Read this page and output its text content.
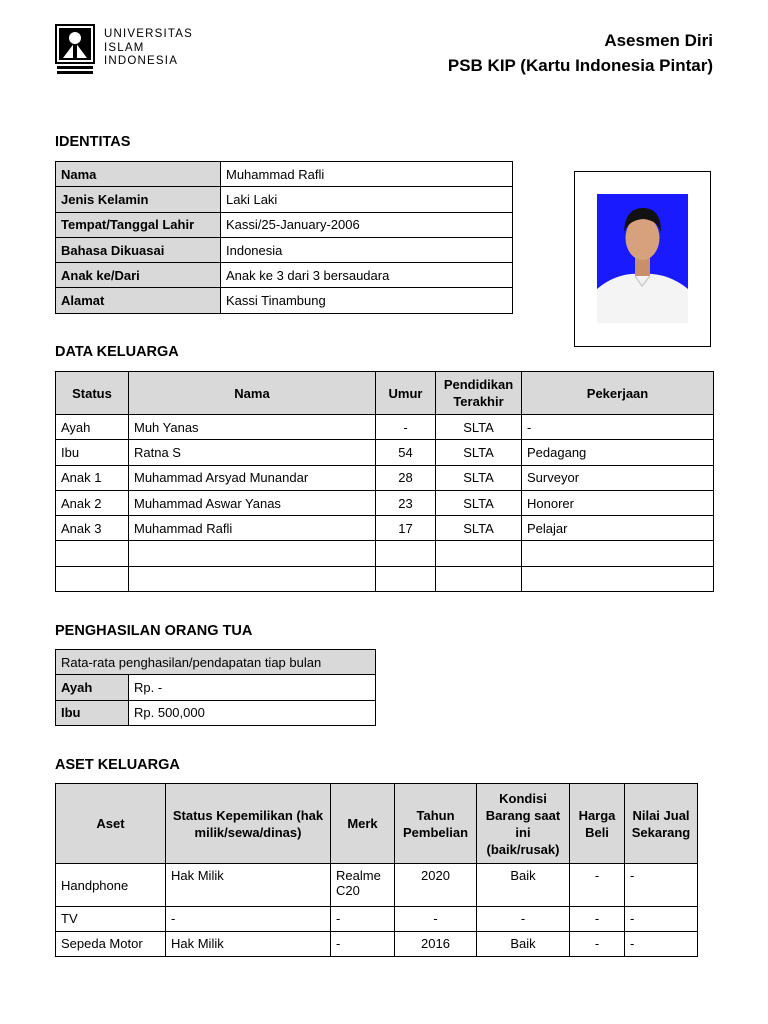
UNIVERSITAS
ISLAM
INDONESIA
Asesmen Diri
PSB KIP (Kartu Indonesia Pintar)
IDENTITAS
Nama	Muhammad Rafli
Jenis Kelamin	Laki Laki
Tempat/Tanggal Lahir	Kassi/25-January-2006
Bahasa Dikuasai	Indonesia
Anak ke/Dari	Anak ke 3 dari 3 bersaudara
Alamat	Kassi Tinambung
DATA KELUARGA
Status	Nama	Umur	Pendidikan Terakhir	Pekerjaan
Ayah	Muh Yanas	-	SLTA	-
Ibu	Ratna S	54	SLTA	Pedagang
Anak 1	Muhammad Arsyad Munandar	28	SLTA	Surveyor
Anak 2	Muhammad Aswar Yanas	23	SLTA	Honorer
Anak 3	Muhammad Rafli	17	SLTA	Pelajar

PENGHASILAN ORANG TUA
Rata-rata penghasilan/pendapatan tiap bulan	
Ayah	Rp. -
Ibu	Rp. 500,000
ASET KELUARGA
Aset	Status Kepemilikan (hak milik/sewa/dinas)	Merk	Tahun Pembelian	Kondisi Barang saat ini (baik/rusak)	Harga Beli	Nilai Jual Sekarang
Handphone	Hak Milik	Realme C20	2020	Baik	-	-
TV	-	-	-	-	-	-
Sepeda Motor	Hak Milik	-	2016	Baik	-	-
